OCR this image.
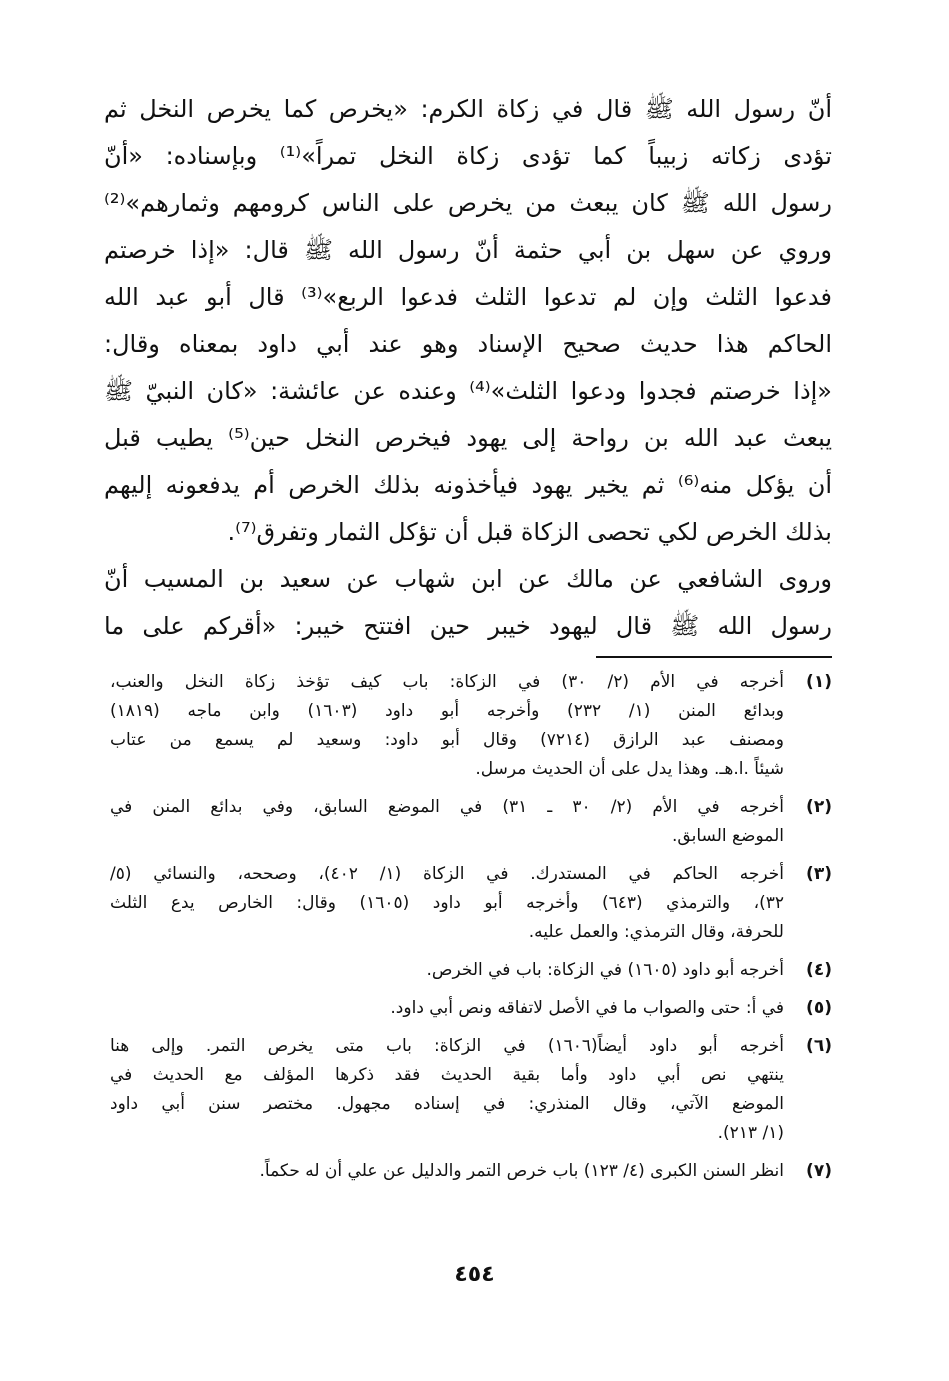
أنّ رسول الله ﷺ قال في زكاة الكرم: «يخرص كما يخرص النخل ثم
تؤدى زكاته زبيباً كما تؤدى زكاة النخل تمراً»⁽¹⁾ وبإسناده: «أنّ
رسول الله ﷺ كان يبعث من يخرص على الناس كرومهم وثمارهم»⁽²⁾
وروي عن سهل بن أبي حثمة أنّ رسول الله ﷺ قال: «إذا خرصتم
فدعوا الثلث وإن لم تدعوا الثلث فدعوا الربع»⁽³⁾ قال أبو عبد الله
الحاكم هذا حديث صحيح الإسناد وهو عند أبي داود بمعناه وقال:
«إذا خرصتم فجدوا ودعوا الثلث»⁽⁴⁾ وعنده عن عائشة: «كان النبيّ ﷺ
يبعث عبد الله بن رواحة إلى يهود فيخرص النخل حين⁽⁵⁾ يطيب قبل
أن يؤكل منه⁽⁶⁾ ثم يخير يهود فيأخذونه بذلك الخرص أم يدفعونه إليهم
بذلك الخرص لكي تحصى الزكاة قبل أن تؤكل الثمار وتفرق⁽⁷⁾.
وروى الشافعي عن مالك عن ابن شهاب عن سعيد بن المسيب أنّ
رسول الله ﷺ قال ليهود خيبر حين افتتح خيبر: «أقركم على ما
(١)
أخرجه في الأم (٢/ ٣٠) في الزكاة: باب كيف تؤخذ زكاة النخل والعنب،
وبدائع المنن (١/ ٢٣٢) وأخرجه أبو داود (١٦٠٣) وابن ماجه (١٨١٩)
ومصنف عبد الرازق (٧٢١٤) وقال أبو داود: وسعيد لم يسمع من عتاب
شيئاً .ا.هـ. وهذا يدل على أن الحديث مرسل.
(٢)
أخرجه في الأم (٢/ ٣٠ ـ ٣١) في الموضع السابق، وفي بدائع المنن في
الموضع السابق.
(٣)
أخرجه الحاكم في المستدرك. في الزكاة (١/ ٤٠٢)، وصححه، والنسائي (٥/
٣٢)، والترمذي (٦٤٣) وأخرجه أبو داود (١٦٠٥) وقال: الخارص يدع الثلث
للحرفة، وقال الترمذي: والعمل عليه.
(٤)
أخرجه أبو داود (١٦٠٥) في الزكاة: باب في الخرص.
(٥)
في أ: حتى والصواب ما في الأصل لاتفاقه ونص أبي داود.
(٦)
أخرجه أبو داود أيضاً(١٦٠٦) في الزكاة: باب متى يخرص التمر. وإلى هنا
ينتهي نص أبي داود وأما بقية الحديث فقد ذكرها المؤلف مع الحديث في
الموضع الآتي، وقال المنذري: في إسناده مجهول. مختصر سنن أبي داود
(١/ ٢١٣).
(٧)
انظر السنن الكبرى (٤/ ١٢٣) باب خرص التمر والدليل عن علي أن له حكماً.
٤٥٤
